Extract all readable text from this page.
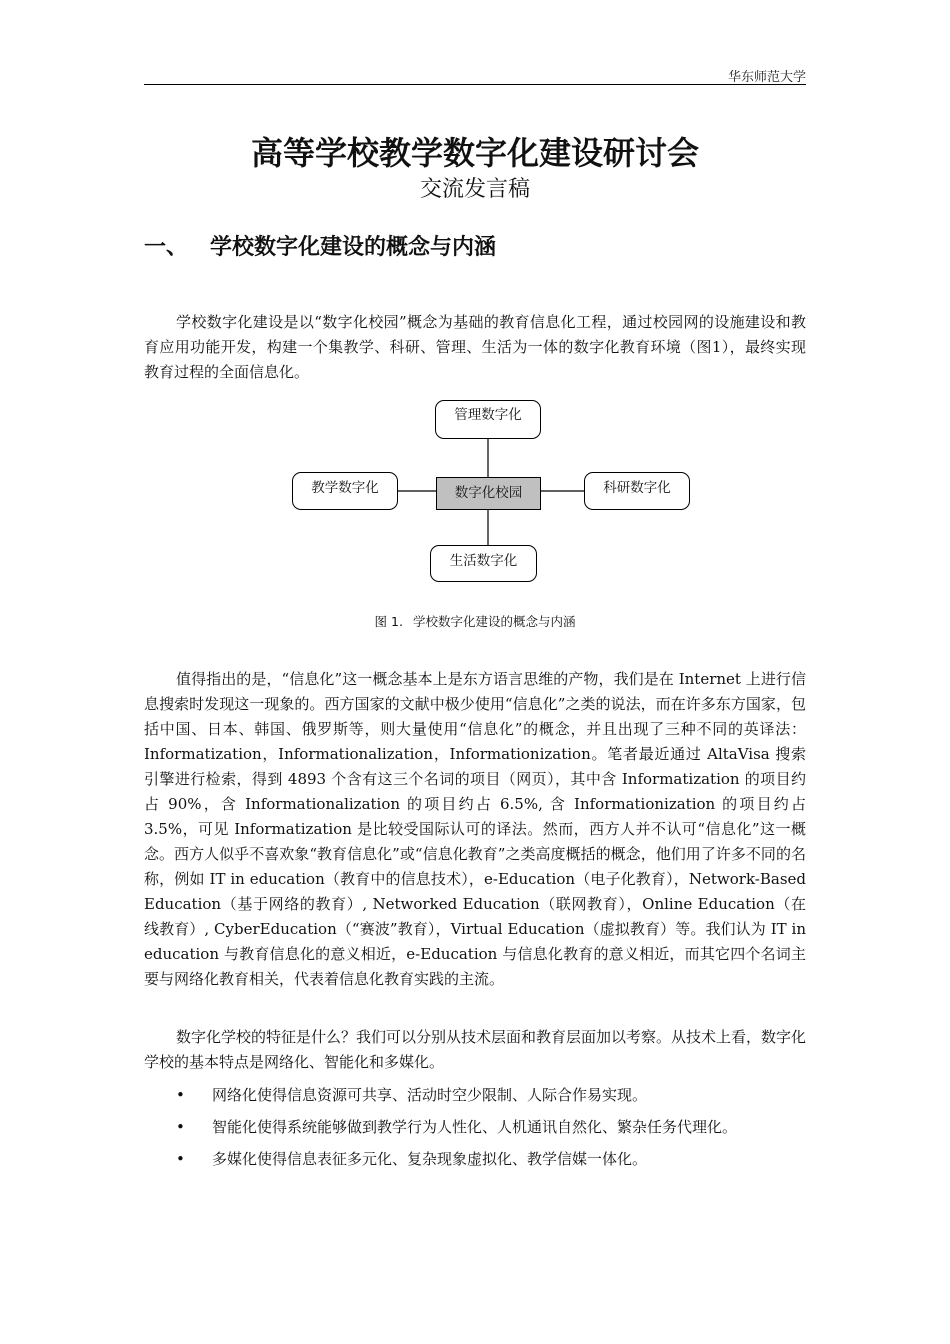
华东师范大学
高等学校教学数字化建设研讨会
交流发言稿
一、 学校数字化建设的概念与内涵

学校数字化建设是以“数字化校园”概念为基础的教育信息化工程，通过校园网的设施建设和教育应用功能开发，构建一个集教学、科研、管理、生活为一体的数字化教育环境（图1），最终实现教育过程的全面信息化。

管理数字化
教学数字化	数字化校园	科研数字化
生活数字化
图 1. 学校数字化建设的概念与内涵

值得指出的是，“信息化”这一概念基本上是东方语言思维的产物，我们是在 Internet 上进行信息搜索时发现这一现象的。西方国家的文献中极少使用“信息化”之类的说法，而在许多东方国家，包括中国、日本、韩国、俄罗斯等，则大量使用“信息化”的概念，并且出现了三种不同的英译法：Informatization，Informationalization，Informationization。笔者最近通过 AltaVisa 搜索引擎进行检索，得到 4893 个含有这三个名词的项目（网页），其中含 Informatization 的项目约占 90%，含 Informationalization 的项目约占 6.5%, 含 Informationization 的项目约占 3.5%，可见 Informatization 是比较受国际认可的译法。然而，西方人并不认可“信息化”这一概念。西方人似乎不喜欢象“教育信息化”或“信息化教育”之类高度概括的概念，他们用了许多不同的名称，例如 IT in education（教育中的信息技术），e-Education（电子化教育），Network-Based Education（基于网络的教育）, Networked Education（联网教育），Online Education（在线教育）, CyberEducation（“赛波”教育），Virtual Education（虚拟教育）等。我们认为 IT in education 与教育信息化的意义相近，e-Education 与信息化教育的意义相近，而其它四个名词主要与网络化教育相关，代表着信息化教育实践的主流。

数字化学校的特征是什么？我们可以分别从技术层面和教育层面加以考察。从技术上看，数字化学校的基本特点是网络化、智能化和多媒化。

• 网络化使得信息资源可共享、活动时空少限制、人际合作易实现。
• 智能化使得系统能够做到教学行为人性化、人机通讯自然化、繁杂任务代理化。
• 多媒化使得信息表征多元化、复杂现象虚拟化、教学信媒一体化。
